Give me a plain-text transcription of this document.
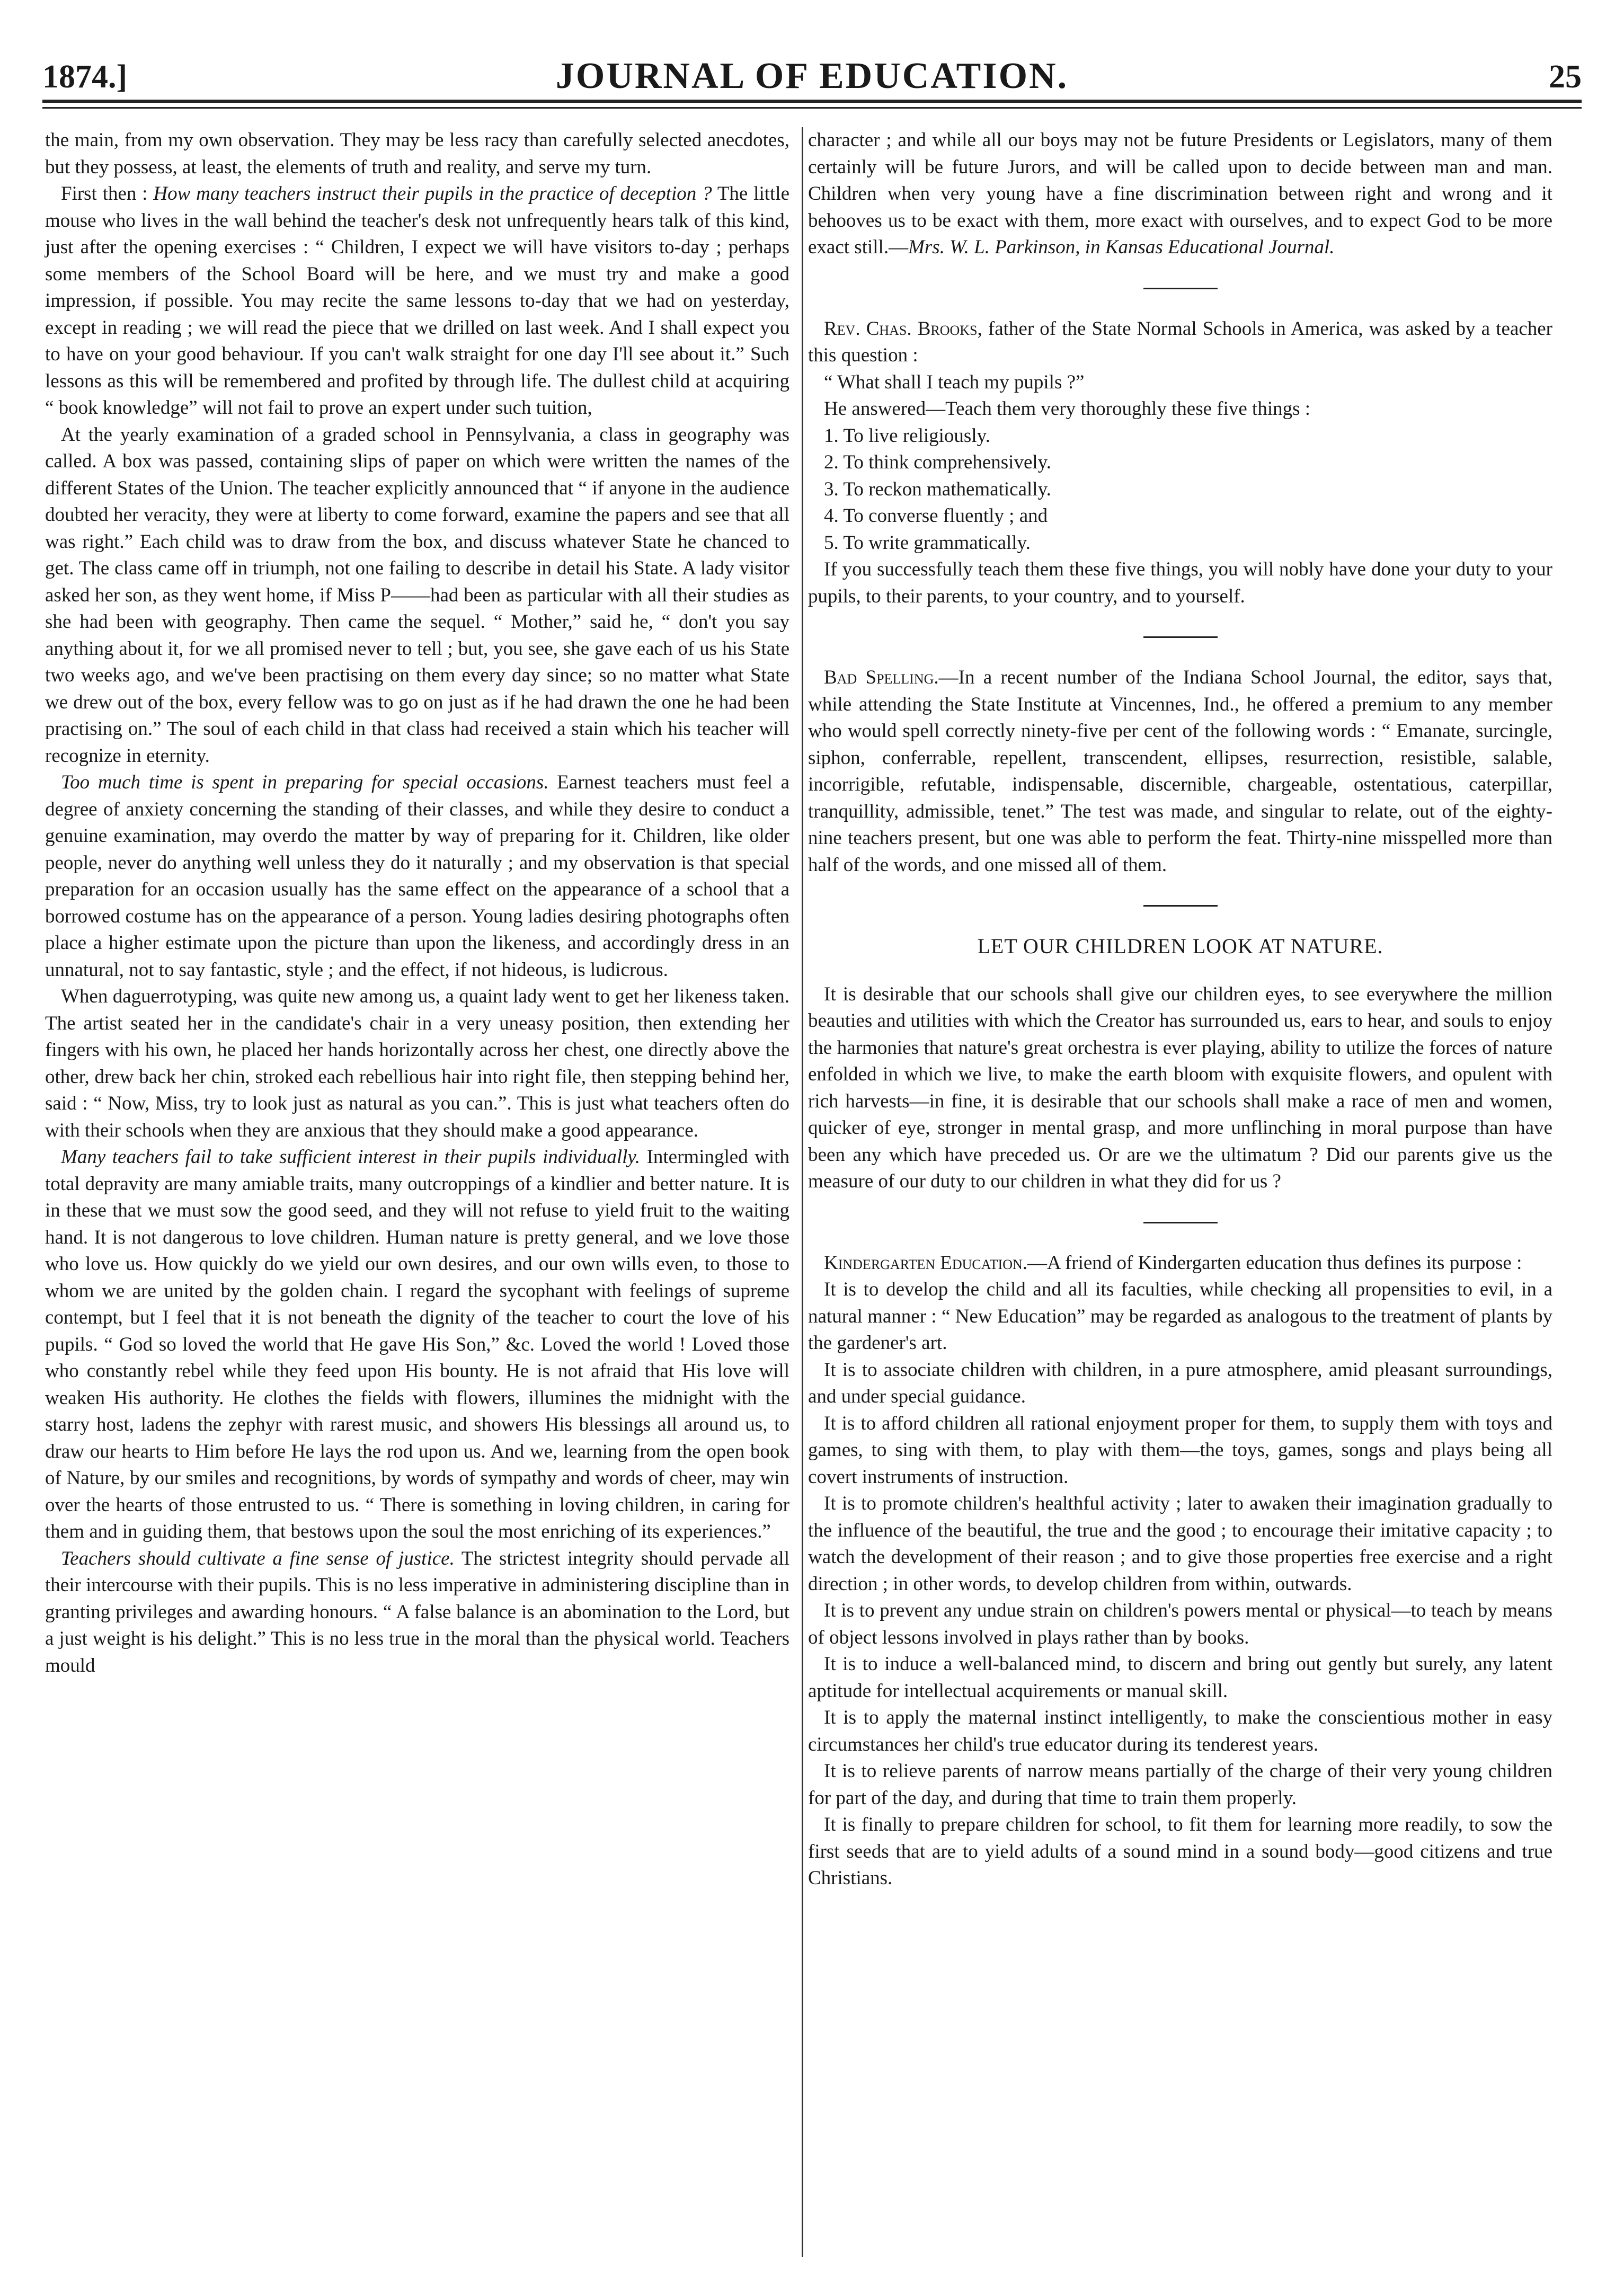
1874.]	JOURNAL OF EDUCATION.	25

the main, from my own observation. They may be less racy than carefully selected anecdotes, but they possess, at least, the elements of truth and reality, and serve my turn.

First then : How many teachers instruct their pupils in the practice of deception ? The little mouse who lives in the wall behind the teacher's desk not unfrequently hears talk of this kind, just after the opening exercises : “ Children, I expect we will have visitors to-day ; perhaps some members of the School Board will be here, and we must try and make a good impression, if possible. You may recite the same lessons to-day that we had on yesterday, except in reading ; we will read the piece that we drilled on last week. And I shall expect you to have on your good behaviour. If you can't walk straight for one day I'll see about it.” Such lessons as this will be remembered and profited by through life. The dullest child at acquiring “ book knowledge” will not fail to prove an expert under such tuition,

At the yearly examination of a graded school in Pennsylvania, a class in geography was called. A box was passed, containing slips of paper on which were written the names of the different States of the Union. The teacher explicitly announced that “ if anyone in the audience doubted her veracity, they were at liberty to come forward, examine the papers and see that all was right.” Each child was to draw from the box, and discuss whatever State he chanced to get. The class came off in triumph, not one failing to describe in detail his State. A lady visitor asked her son, as they went home, if Miss P——had been as particular with all their studies as she had been with geography. Then came the sequel. “ Mother,” said he, “ don't you say anything about it, for we all promised never to tell ; but, you see, she gave each of us his State two weeks ago, and we've been practising on them every day since; so no matter what State we drew out of the box, every fellow was to go on just as if he had drawn the one he had been practising on.” The soul of each child in that class had received a stain which his teacher will recognize in eternity.

Too much time is spent in preparing for special occasions. Earnest teachers must feel a degree of anxiety concerning the standing of their classes, and while they desire to conduct a genuine examination, may overdo the matter by way of preparing for it. Children, like older people, never do anything well unless they do it naturally ; and my observation is that special preparation for an occasion usually has the same effect on the appearance of a school that a borrowed costume has on the appearance of a person. Young ladies desiring photographs often place a higher estimate upon the picture than upon the likeness, and accordingly dress in an unnatural, not to say fantastic, style ; and the effect, if not hideous, is ludicrous.

When daguerrotyping, was quite new among us, a quaint lady went to get her likeness taken. The artist seated her in the candidate's chair in a very uneasy position, then extending her fingers with his own, he placed her hands horizontally across her chest, one directly above the other, drew back her chin, stroked each rebellious hair into right file, then stepping behind her, said : “ Now, Miss, try to look just as natural as you can.”. This is just what teachers often do with their schools when they are anxious that they should make a good appearance.

Many teachers fail to take sufficient interest in their pupils individually. Intermingled with total depravity are many amiable traits, many outcroppings of a kindlier and better nature. It is in these that we must sow the good seed, and they will not refuse to yield fruit to the waiting hand. It is not dangerous to love children. Human nature is pretty general, and we love those who love us. How quickly do we yield our own desires, and our own wills even, to those to whom we are united by the golden chain. I regard the sycophant with feelings of supreme contempt, but I feel that it is not beneath the dignity of the teacher to court the love of his pupils. “ God so loved the world that He gave His Son,” &c. Loved the world ! Loved those who constantly rebel while they feed upon His bounty. He is not afraid that His love will weaken His authority. He clothes the fields with flowers, illumines the midnight with the starry host, ladens the zephyr with rarest music, and showers His blessings all around us, to draw our hearts to Him before He lays the rod upon us. And we, learning from the open book of Nature, by our smiles and recognitions, by words of sympathy and words of cheer, may win over the hearts of those entrusted to us. “ There is something in loving children, in caring for them and in guiding them, that bestows upon the soul the most enriching of its experiences.”

Teachers should cultivate a fine sense of justice. The strictest integrity should pervade all their intercourse with their pupils. This is no less imperative in administering discipline than in granting privileges and awarding honours. “ A false balance is an abomination to the Lord, but a just weight is his delight.” This is no less true in the moral than the physical world. Teachers mould

character ; and while all our boys may not be future Presidents or Legislators, many of them certainly will be future Jurors, and will be called upon to decide between man and man. Children when very young have a fine discrimination between right and wrong and it behooves us to be exact with them, more exact with ourselves, and to expect God to be more exact still.—Mrs. W. L. Parkinson, in Kansas Educational Journal.

Rev. Chas. Brooks, father of the State Normal Schools in America, was asked by a teacher this question :

“ What shall I teach my pupils ?”

He answered—Teach them very thoroughly these five things :

1. To live religiously.

2. To think comprehensively.

3. To reckon mathematically.

4. To converse fluently ; and

5. To write grammatically.

If you successfully teach them these five things, you will nobly have done your duty to your pupils, to their parents, to your country, and to yourself.

Bad Spelling.—In a recent number of the Indiana School Journal, the editor, says that, while attending the State Institute at Vincennes, Ind., he offered a premium to any member who would spell correctly ninety-five per cent of the following words : “ Emanate, surcingle, siphon, conferrable, repellent, transcendent, ellipses, resurrection, resistible, salable, incorrigible, refutable, indispensable, discernible, chargeable, ostentatious, caterpillar, tranquillity, admissible, tenet.” The test was made, and singular to relate, out of the eighty-nine teachers present, but one was able to perform the feat. Thirty-nine misspelled more than half of the words, and one missed all of them.

LET OUR CHILDREN LOOK AT NATURE.

It is desirable that our schools shall give our children eyes, to see everywhere the million beauties and utilities with which the Creator has surrounded us, ears to hear, and souls to enjoy the harmonies that nature's great orchestra is ever playing, ability to utilize the forces of nature enfolded in which we live, to make the earth bloom with exquisite flowers, and opulent with rich harvests—in fine, it is desirable that our schools shall make a race of men and women, quicker of eye, stronger in mental grasp, and more unflinching in moral purpose than have been any which have preceded us. Or are we the ultimatum ? Did our parents give us the measure of our duty to our children in what they did for us ?

Kindergarten Education.—A friend of Kindergarten education thus defines its purpose :

It is to develop the child and all its faculties, while checking all propensities to evil, in a natural manner : “ New Education” may be regarded as analogous to the treatment of plants by the gardener's art.

It is to associate children with children, in a pure atmosphere, amid pleasant surroundings, and under special guidance.

It is to afford children all rational enjoyment proper for them, to supply them with toys and games, to sing with them, to play with them—the toys, games, songs and plays being all covert instruments of instruction.

It is to promote children's healthful activity ; later to awaken their imagination gradually to the influence of the beautiful, the true and the good ; to encourage their imitative capacity ; to watch the development of their reason ; and to give those properties free exercise and a right direction ; in other words, to develop children from within, outwards.

It is to prevent any undue strain on children's powers mental or physical—to teach by means of object lessons involved in plays rather than by books.

It is to induce a well-balanced mind, to discern and bring out gently but surely, any latent aptitude for intellectual acquirements or manual skill.

It is to apply the maternal instinct intelligently, to make the conscientious mother in easy circumstances her child's true educator during its tenderest years.

It is to relieve parents of narrow means partially of the charge of their very young children for part of the day, and during that time to train them properly.

It is finally to prepare children for school, to fit them for learning more readily, to sow the first seeds that are to yield adults of a sound mind in a sound body—good citizens and true Christians.
